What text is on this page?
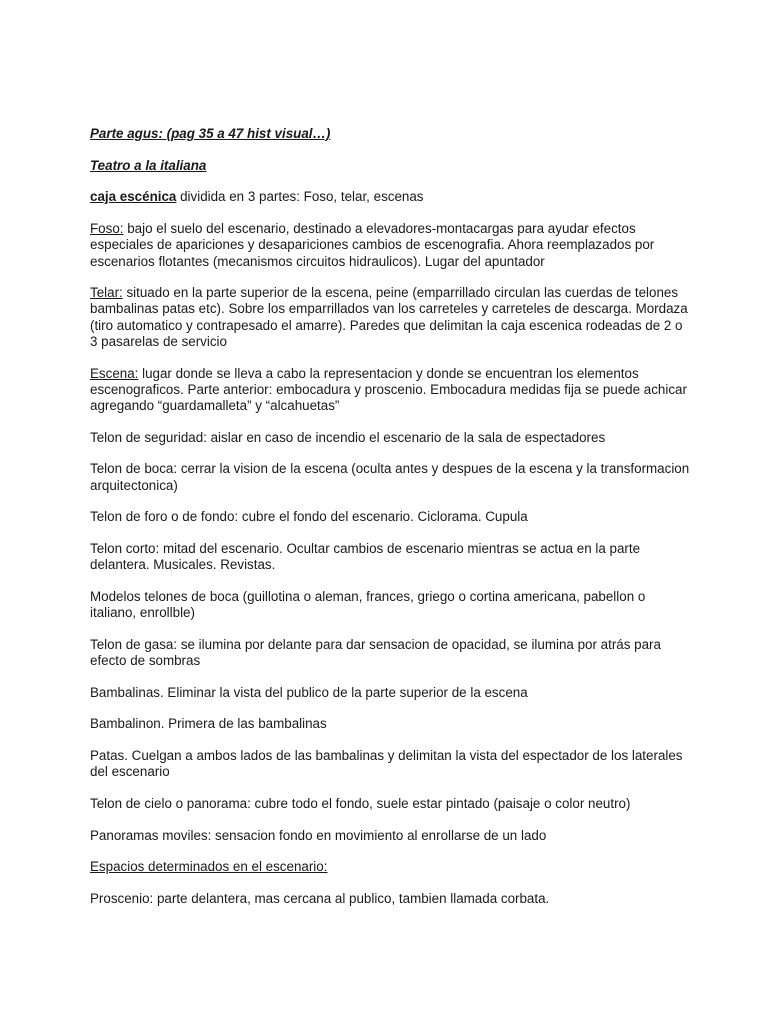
Parte agus: (pag 35 a 47 hist visual…)

Teatro a la italiana

caja escénica dividida en 3 partes: Foso, telar, escenas

Foso: bajo el suelo del escenario, destinado a elevadores-montacargas para ayudar efectos especiales de apariciones y desapariciones cambios de escenografia. Ahora reemplazados por escenarios flotantes (mecanismos circuitos hidraulicos). Lugar del apuntador

Telar: situado en la parte superior de la escena, peine (emparrillado circulan las cuerdas de telones bambalinas patas etc). Sobre los emparrillados van los carreteles y carreteles de descarga. Mordaza (tiro automatico y contrapesado el amarre). Paredes que delimitan la caja escenica rodeadas de 2 o 3 pasarelas de servicio

Escena: lugar donde se lleva a cabo la representacion y donde se encuentran los elementos escenograficos. Parte anterior: embocadura y proscenio. Embocadura medidas fija se puede achicar agregando “guardamalleta” y “alcahuetas”

Telon de seguridad: aislar en caso de incendio el escenario de la sala de espectadores

Telon de boca: cerrar la vision de la escena (oculta antes y despues de la escena y la transformacion arquitectonica)

Telon de foro o de fondo: cubre el fondo del escenario. Ciclorama. Cupula

Telon corto: mitad del escenario. Ocultar cambios de escenario mientras se actua en la parte delantera. Musicales. Revistas.

Modelos telones de boca (guillotina o aleman, frances, griego o cortina americana, pabellon o italiano, enrollble)

Telon de gasa: se ilumina por delante para dar sensacion de opacidad, se ilumina por atrás para efecto de sombras

Bambalinas. Eliminar la vista del publico de la parte superior de la escena

Bambalinon. Primera de las bambalinas

Patas. Cuelgan a ambos lados de las bambalinas y delimitan la vista del espectador de los laterales del escenario

Telon de cielo o panorama: cubre todo el fondo, suele estar pintado (paisaje o color neutro)

Panoramas moviles: sensacion fondo en movimiento al enrollarse de un lado

Espacios determinados en el escenario:

Proscenio: parte delantera, mas cercana al publico, tambien llamada corbata.
